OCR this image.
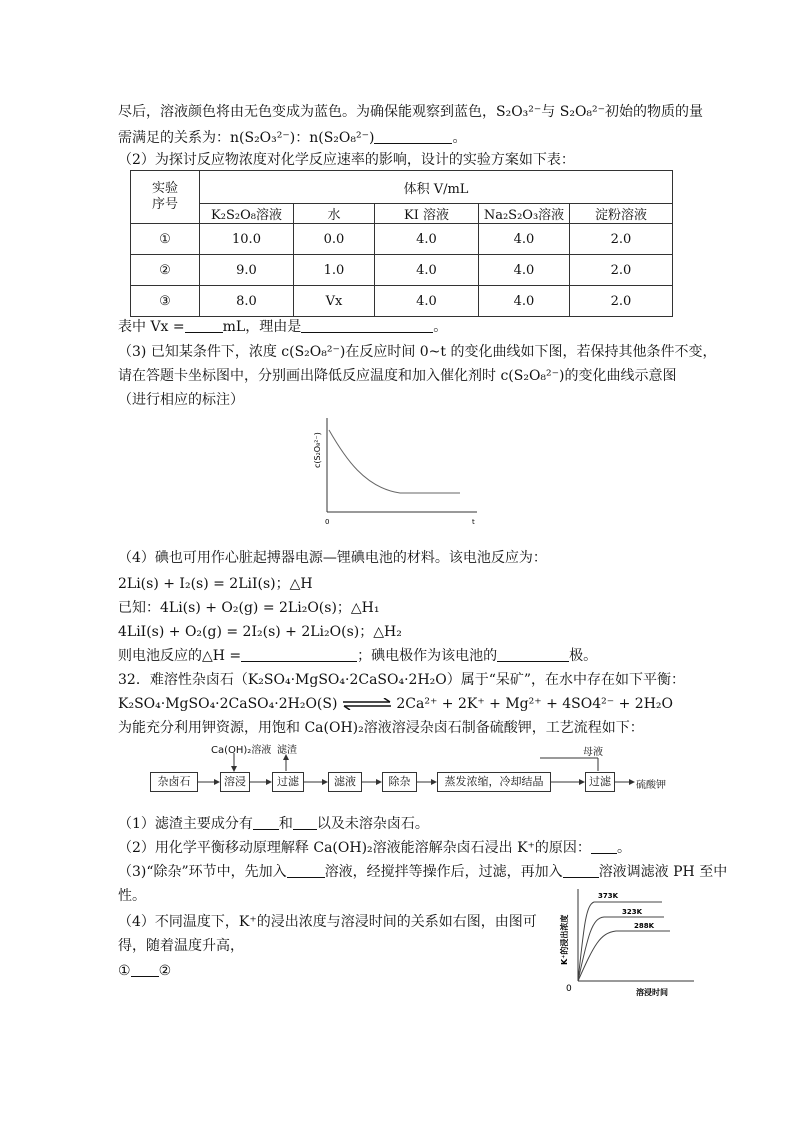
尽后，溶液颜色将由无色变成为蓝色。为确保能观察到蓝色，S₂O₃²⁻与 S₂O₈²⁻初始的物质的量
需满足的关系为：n(S₂O₃²⁻)：n(S₂O₈²⁻)	。
（2）为探讨反应物浓度对化学反应速率的影响，设计的实验方案如下表：
实验
序号	体积 V/mL				
	K₂S₂O₈溶液	水	KI 溶液	Na₂S₂O₃溶液	淀粉溶液
①	10.0	0.0	4.0	4.0	2.0
②	9.0	1.0	4.0	4.0	2.0
③	8.0	Vx	4.0	4.0	2.0
表中 Vx =	mL，理由是	。
（3) 已知某条件下，浓度 c(S₂O₈²⁻)在反应时间 0~t 的变化曲线如下图，若保持其他条件不变，
请在答题卡坐标图中，分别画出降低反应温度和加入催化剂时 c(S₂O₈²⁻)的变化曲线示意图
（进行相应的标注）
0	t
c(S₂O₈²⁻)
（4）碘也可用作心脏起搏器电源—锂碘电池的材料。该电池反应为：
2Li(s) + I₂(s) = 2LiI(s)；△H
已知：4Li(s) + O₂(g) = 2Li₂O(s)；△H₁
4LiI(s) + O₂(g) = 2I₂(s) + 2Li₂O(s)；△H₂
则电池反应的△H =	；碘电极作为该电池的	极。
32．难溶性杂卤石（K₂SO₄·MgSO₄·2CaSO₄·2H₂O）属于“呆矿”，在水中存在如下平衡：
K₂SO₄·MgSO₄·2CaSO₄·2H₂O(S) ⇌ 2Ca²⁺ + 2K⁺ + Mg²⁺ + 4SO4²⁻ + 2H₂O
为能充分利用钾资源，用饱和 Ca(OH)₂溶液溶浸杂卤石制备硫酸钾，工艺流程如下：
杂卤石	溶浸	过滤	滤液	除杂	蒸发浓缩，冷却结晶	过滤	硫酸钾
Ca(OH)₂溶液 滤渣	母液
（1）滤渣主要成分有 和 以及未溶杂卤石。
（2）用化学平衡移动原理解释 Ca(OH)₂溶液能溶解杂卤石浸出 K⁺的原因： 。
（3)“除杂”环节中，先加入	溶液，经搅拌等操作后，过滤，再加入	溶液调滤液 PH 至中
性。
（4）不同温度下，K⁺的浸出浓度与溶浸时间的关系如右图，由图可
得，随着温度升高，
① ②
373K
323K
288K
0	溶浸时间
K⁺的浸出浓度
